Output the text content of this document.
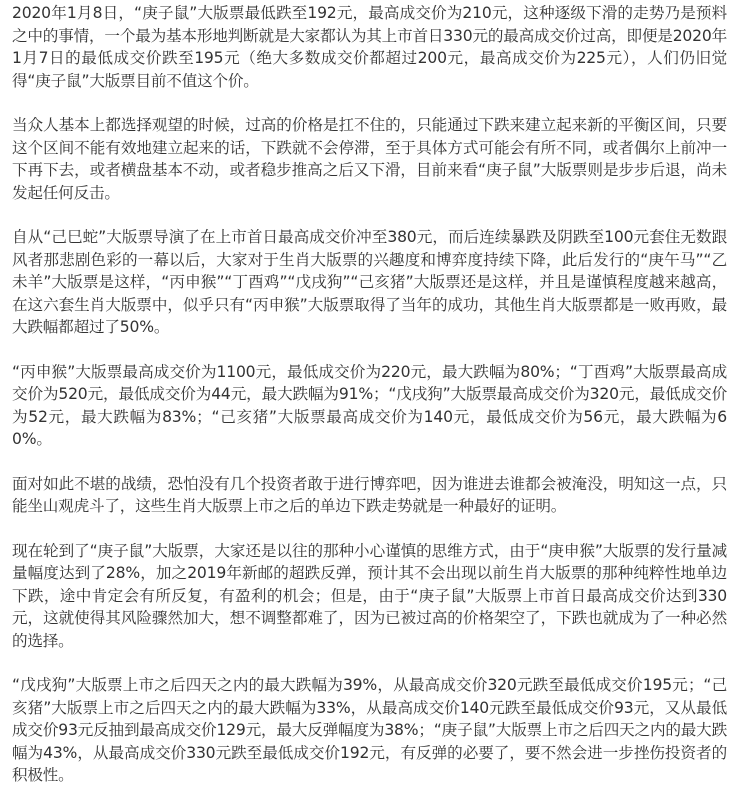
2020年1月8日，“庚子鼠”大版票最低跌至192元，最高成交价为210元，这种逐级下滑的走势乃是预料之中的事情，一个最为基本形地判断就是大家都认为其上市首日330元的最高成交价过高，即便是2020年1月7日的最低成交价跌至195元（绝大多数成交价都超过200元，最高成交价为225元），人们仍旧觉得“庚子鼠”大版票目前不值这个价。

当众人基本上都选择观望的时候，过高的价格是扛不住的，只能通过下跌来建立起来新的平衡区间，只要这个区间不能有效地建立起来的话，下跌就不会停滞，至于具体方式可能会有所不同，或者偶尔上前冲一下再下去，或者横盘基本不动，或者稳步推高之后又下滑，目前来看“庚子鼠”大版票则是步步后退，尚未发起任何反击。

自从“己巳蛇”大版票导演了在上市首日最高成交价冲至380元，而后连续暴跌及阴跌至100元套住无数跟风者那悲剧色彩的一幕以后，大家对于生肖大版票的兴趣度和博弈度持续下降，此后发行的“庚午马”“乙未羊”大版票是这样，“丙申猴”“丁酉鸡”“戊戌狗”“己亥猪”大版票还是这样，并且是谨慎程度越来越高，在这六套生肖大版票中，似乎只有“丙申猴”大版票取得了当年的成功，其他生肖大版票都是一败再败，最大跌幅都超过了50%。

“丙申猴”大版票最高成交价为1100元，最低成交价为220元，最大跌幅为80%；“丁酉鸡”大版票最高成交价为520元，最低成交价为44元，最大跌幅为91%；“戊戌狗”大版票最高成交价为320元，最低成交价为52元，最大跌幅为83%；“己亥猪”大版票最高成交价为140元，最低成交价为56元，最大跌幅为60%。

面对如此不堪的战绩，恐怕没有几个投资者敢于进行博弈吧，因为谁进去谁都会被淹没，明知这一点，只能坐山观虎斗了，这些生肖大版票上市之后的单边下跌走势就是一种最好的证明。

现在轮到了“庚子鼠”大版票，大家还是以往的那种小心谨慎的思维方式，由于“庚申猴”大版票的发行量减量幅度达到了28%，加之2019年新邮的超跌反弹，预计其不会出现以前生肖大版票的那种纯粹性地单边下跌，途中肯定会有所反复，有盈利的机会；但是，由于“庚子鼠”大版票上市首日最高成交价达到330元，这就使得其风险骤然加大，想不调整都难了，因为已被过高的价格架空了，下跌也就成为了一种必然的选择。

“戊戌狗”大版票上市之后四天之内的最大跌幅为39%，从最高成交价320元跌至最低成交价195元；“己亥猪”大版票上市之后四天之内的最大跌幅为33%，从最高成交价140元跌至最低成交价93元，又从最低成交价93元反抽到最高成交价129元，最大反弹幅度为38%；“庚子鼠”大版票上市之后四天之内的最大跌幅为43%，从最高成交价330元跌至最低成交价192元，有反弹的必要了，要不然会进一步挫伤投资者的积极性。
